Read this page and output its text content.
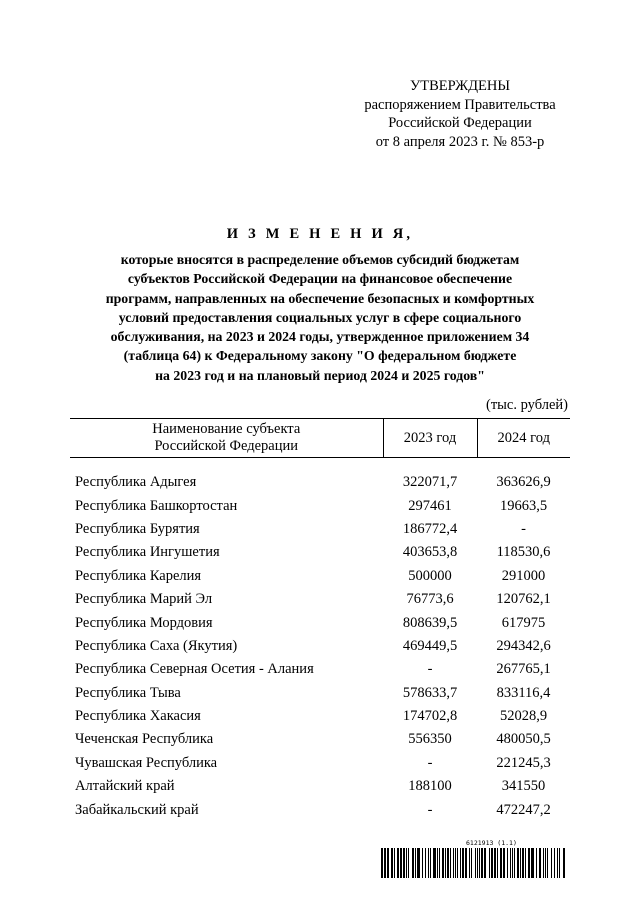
УТВЕРЖДЕНЫ
распоряжением Правительства
Российской Федерации
от 8 апреля 2023 г. № 853-р
И З М Е Н Е Н И Я,
которые вносятся в распределение объемов субсидий бюджетам
субъектов Российской Федерации на финансовое обеспечение
программ, направленных на обеспечение безопасных и комфортных
условий предоставления социальных услуг в сфере социального
обслуживания, на 2023 и 2024 годы, утвержденное приложением 34
(таблица 64) к Федеральному закону "О федеральном бюджете
на 2023 год и на плановый период 2024 и 2025 годов"
(тыс. рублей)
Наименование субъекта
Российской Федерации	2023 год	2024 год

Республика Адыгея	322071,7	363626,9
Республика Башкортостан	297461	19663,5
Республика Бурятия	186772,4	-
Республика Ингушетия	403653,8	118530,6
Республика Карелия	500000	291000
Республика Марий Эл	76773,6	120762,1
Республика Мордовия	808639,5	617975
Республика Саха (Якутия)	469449,5	294342,6
Республика Северная Осетия - Алания	-	267765,1
Республика Тыва	578633,7	833116,4
Республика Хакасия	174702,8	52028,9
Чеченская Республика	556350	480050,5
Чувашская Республика	-	221245,3
Алтайский край	188100	341550
Забайкальский край	-	472247,2
6121913 (1.1)
